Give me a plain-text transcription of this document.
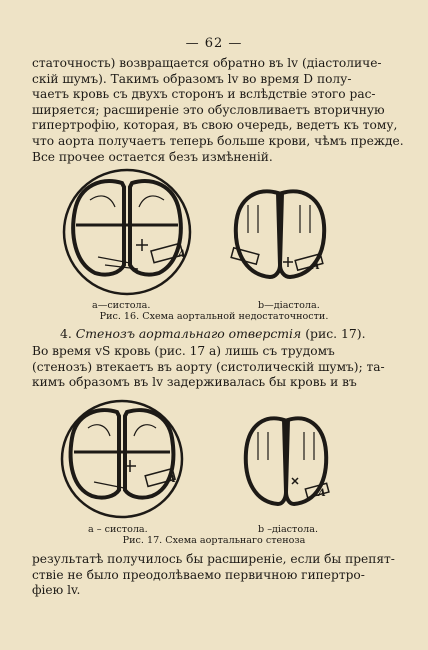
— 62 —
статочность) возвращается обратно въ lv (діастоличе-
скій шумъ). Такимъ образомъ lv во время D полу-
чаетъ кровь съ двухъ сторонъ и вслѣдствіе этого рас-
ширяется; расширеніе это обусловливаетъ вторичную
гипертрофію, которая, въ свою очередь, ведетъ къ тому,
что аорта получаетъ теперь больше крови, чѣмъ прежде.
Все прочее остается безъ измѣненій.
A
A
a—систола.	b—діастола.
Рис. 16. Схема аортальной недостаточности.
4. Стенозъ аортальнаго отверстія (рис. 17).
Во время vS кровь (рис. 17 a) лишь съ трудомъ
(стенозъ) втекаетъ въ аорту (систолическій шумъ); та-
кимъ образомъ въ lv задерживалась бы кровь и въ
A
A
a – систола.	b –діастола.
Рис. 17. Схема аортальнаго стеноза
результатѣ получилось бы расширеніе, если бы препят-
ствіе не было преодолѣваемо первичною гипертро-
фіею lv.
